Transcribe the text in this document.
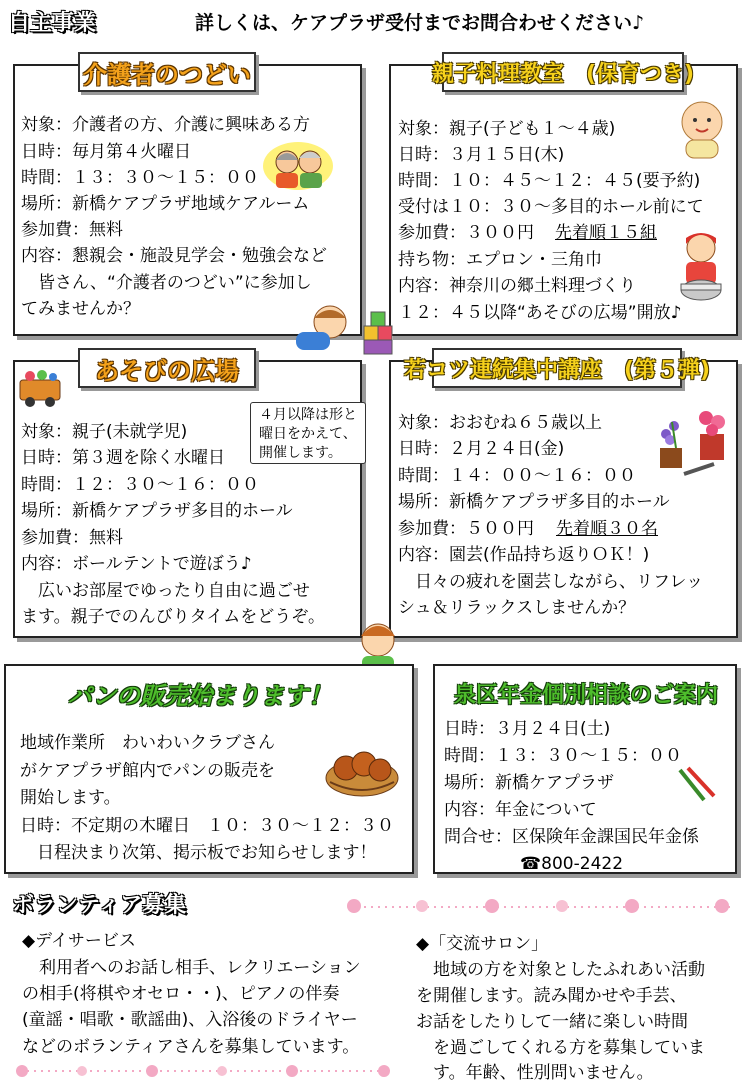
自主事業	詳しくは、ケアプラザ受付までお問合わせください♪
介護者のつどい
対象：介護者の方、介護に興味ある方
日時：毎月第４火曜日
時間：１３：３０〜１５：００
場所：新橋ケアプラザ地域ケアルーム
参加費：無料
内容：懇親会・施設見学会・勉強会など
　皆さん、“介護者のつどい”に参加し
てみませんか？
親子料理教室　(保育つき)
対象：親子(子ども１〜４歳)
日時：３月１５日(木)
時間：１０：４５〜１２：４５(要予約)
受付は１０：３０〜多目的ホール前にて
参加費：３００円 先着順１５組
持ち物：エプロン・三角巾
内容：神奈川の郷土料理づくり
１２：４５以降“あそびの広場”開放♪
あそびの広場
４月以降は形と曜日をかえて、開催します。
対象：親子(未就学児)
日時：第３週を除く水曜日
時間：１２：３０〜１６：００
場所：新橋ケアプラザ多目的ホール
参加費：無料
内容：ボールテントで遊ぼう♪
　広いお部屋でゆったり自由に過ごせ
ます。親子でのんびりタイムをどうぞ。
若コツ連続集中講座　(第５弾)
対象：おおむね６５歳以上
日時：２月２４日(金)
時間：１４：００〜１６：００
場所：新橋ケアプラザ多目的ホール
参加費：５００円 先着順３０名
内容：園芸(作品持ち返りＯＫ！)
　日々の疲れを園芸しながら、リフレッ
シュ＆リラックスしませんか？
パンの販売始まります！
地域作業所　わいわいクラブさん
がケアプラザ館内でパンの販売を
開始します。
日時：不定期の木曜日　１０：３０〜１２：３０
　日程決まり次第、掲示板でお知らせします！
泉区年金個別相談のご案内
日時：３月２４日(土)
時間：１３：３０〜１５：００
場所：新橋ケアプラザ
内容：年金について
問合せ：区保険年金課国民年金係
☎800-2422
ボランティア募集
◆デイサービス
　利用者へのお話し相手、レクリエーション
の相手(将棋やオセロ・・)、ピアノの伴奏
(童謡・唱歌・歌謡曲)、入浴後のドライヤー
などのボランティアさんを募集しています。
◆「交流サロン」
　地域の方を対象としたふれあい活動
を開催します。読み聞かせや手芸、
お話をしたりして一緒に楽しい時間
　を過ごしてくれる方を募集していま
　す。年齢、性別問いません。
